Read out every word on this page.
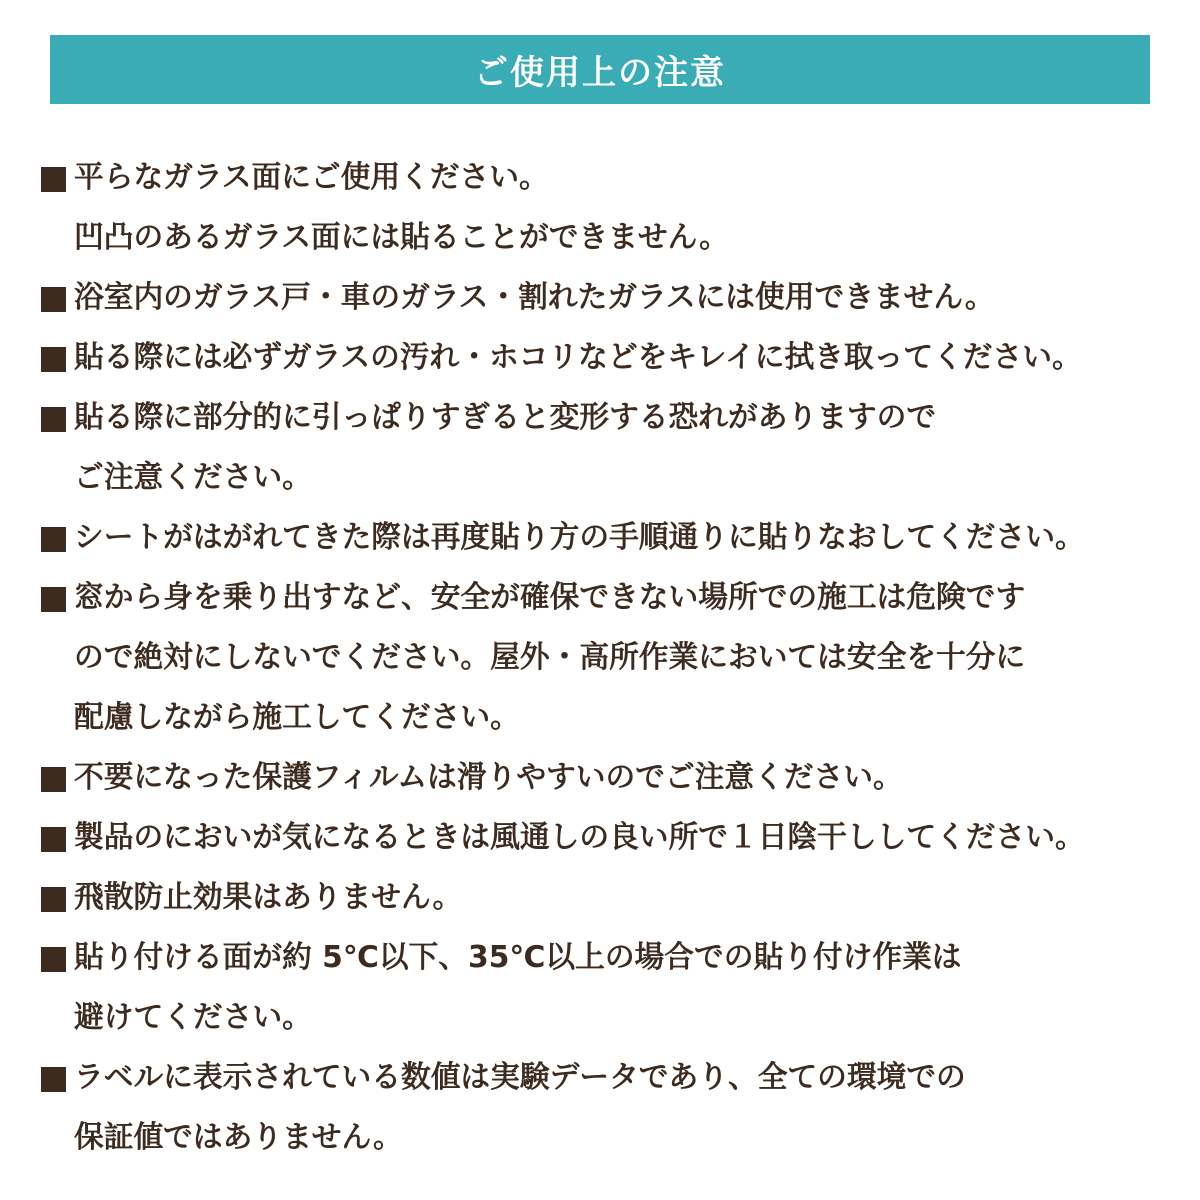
ご使用上の注意
平らなガラス面にご使用ください。
凹凸のあるガラス面には貼ることができません。
浴室内のガラス戸・車のガラス・割れたガラスには使用できません。
貼る際には必ずガラスの汚れ・ホコリなどをキレイに拭き取ってください。
貼る際に部分的に引っぱりすぎると変形する恐れがありますので
ご注意ください。
シートがはがれてきた際は再度貼り方の手順通りに貼りなおしてください。
窓から身を乗り出すなど、安全が確保できない場所での施工は危険です
ので絶対にしないでください。屋外・高所作業においては安全を十分に
配慮しながら施工してください。
不要になった保護フィルムは滑りやすいのでご注意ください。
製品のにおいが気になるときは風通しの良い所で１日陰干ししてください。
飛散防止効果はありません。
貼り付ける面が約 5℃以下、35℃以上の場合での貼り付け作業は
避けてください。
ラベルに表示されている数値は実験データであり、全ての環境での
保証値ではありません。
